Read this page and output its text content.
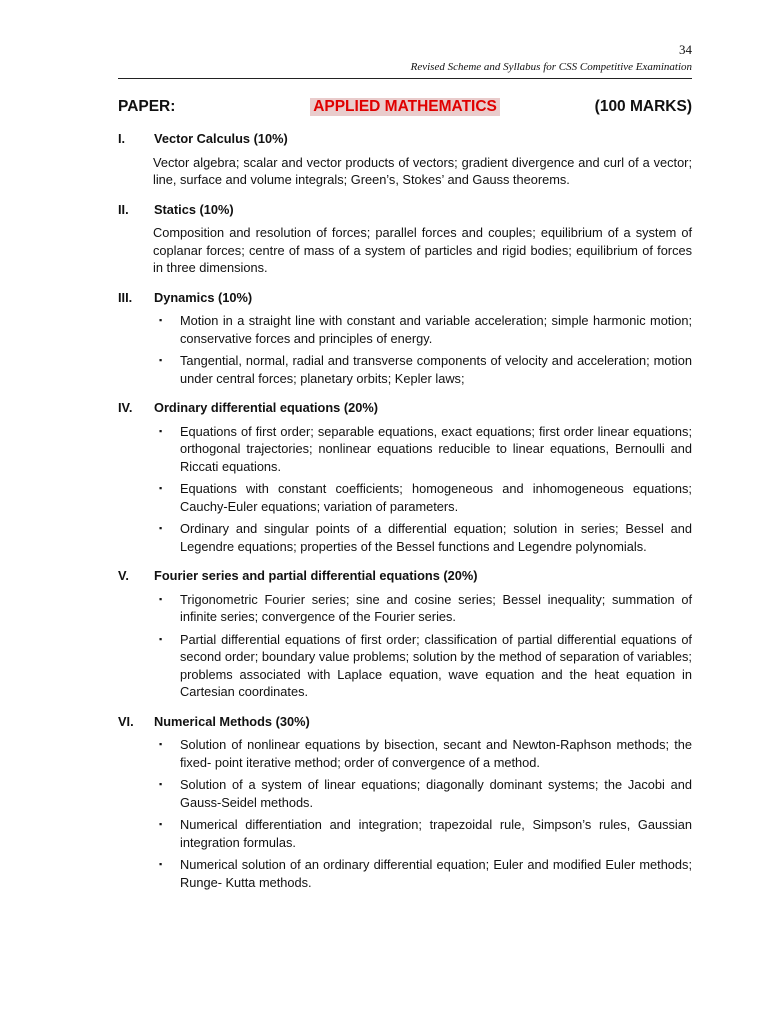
34
Revised Scheme and Syllabus for CSS Competitive Examination
PAPER:	APPLIED MATHEMATICS	(100 MARKS)
I.	Vector Calculus (10%)
Vector algebra; scalar and vector products of vectors; gradient divergence and curl of a vector; line, surface and volume integrals; Green’s, Stokes’ and Gauss theorems.
II.	Statics (10%)
Composition and resolution of forces; parallel forces and couples; equilibrium of a system of coplanar forces; centre of mass of a system of particles and rigid bodies; equilibrium of forces in three dimensions.
III.	Dynamics (10%)
▪	Motion in a straight line with constant and variable acceleration; simple harmonic motion; conservative forces and principles of energy.
▪	Tangential, normal, radial and transverse components of velocity and acceleration; motion under central forces; planetary orbits; Kepler laws;
IV.	Ordinary differential equations (20%)
▪	Equations of first order; separable equations, exact equations; first order linear equations; orthogonal trajectories; nonlinear equations reducible to linear equations, Bernoulli and Riccati equations.
▪	Equations with constant coefficients; homogeneous and inhomogeneous equations; Cauchy-Euler equations; variation of parameters.
▪	Ordinary and singular points of a differential equation; solution in series; Bessel and Legendre equations; properties of the Bessel functions and Legendre polynomials.
V.	Fourier series and partial differential equations (20%)
▪	Trigonometric Fourier series; sine and cosine series; Bessel inequality; summation of infinite series; convergence of the Fourier series.
▪	Partial differential equations of first order; classification of partial differential equations of second order; boundary value problems; solution by the method of separation of variables; problems associated with Laplace equation, wave equation and the heat equation in Cartesian coordinates.
VI.	Numerical Methods (30%)
▪	Solution of nonlinear equations by bisection, secant and Newton-Raphson methods; the fixed- point iterative method; order of convergence of a method.
▪	Solution of a system of linear equations; diagonally dominant systems; the Jacobi and Gauss-Seidel methods.
▪	Numerical differentiation and integration; trapezoidal rule, Simpson’s rules, Gaussian integration formulas.
▪	Numerical solution of an ordinary differential equation; Euler and modified Euler methods; Runge- Kutta methods.
